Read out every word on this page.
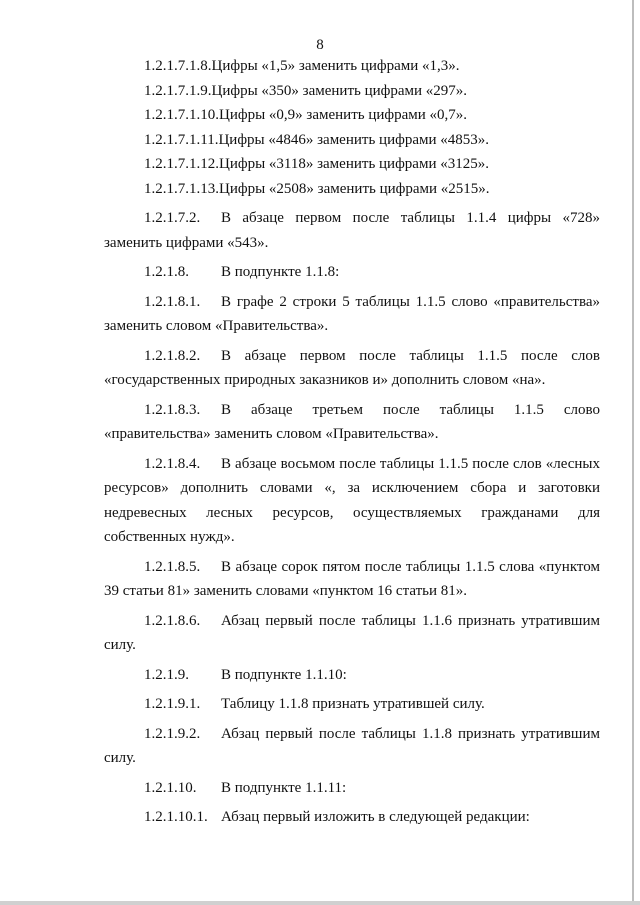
8

1.2.1.7.1.8.Цифры «1,5» заменить цифрами «1,3».

1.2.1.7.1.9.Цифры «350» заменить цифрами «297».

1.2.1.7.1.10.Цифры «0,9» заменить цифрами «0,7».

1.2.1.7.1.11.Цифры «4846» заменить цифрами «4853».

1.2.1.7.1.12.Цифры «3118» заменить цифрами «3125».

1.2.1.7.1.13.Цифры «2508» заменить цифрами «2515».

1.2.1.7.2. В абзаце первом после таблицы 1.1.4 цифры «728» заменить цифрами «543».

1.2.1.8. В подпункте 1.1.8:

1.2.1.8.1. В графе 2 строки 5 таблицы 1.1.5 слово «правительства» заменить словом «Правительства».

1.2.1.8.2. В абзаце первом после таблицы 1.1.5 после слов «государственных природных заказников и» дополнить словом «на».

1.2.1.8.3. В абзаце третьем после таблицы 1.1.5 слово «правительства» заменить словом «Правительства».

1.2.1.8.4. В абзаце восьмом после таблицы 1.1.5 после слов «лесных ресурсов» дополнить словами «, за исключением сбора и заготовки недревесных лесных ресурсов, осуществляемых гражданами для собственных нужд».

1.2.1.8.5. В абзаце сорок пятом после таблицы 1.1.5 слова «пунктом 39 статьи 81» заменить словами «пунктом 16 статьи 81».

1.2.1.8.6. Абзац первый после таблицы 1.1.6 признать утратившим силу.

1.2.1.9. В подпункте 1.1.10:

1.2.1.9.1. Таблицу 1.1.8 признать утратившей силу.

1.2.1.9.2. Абзац первый после таблицы 1.1.8 признать утратившим силу.

1.2.1.10. В подпункте 1.1.11:

1.2.1.10.1. Абзац первый изложить в следующей редакции:
